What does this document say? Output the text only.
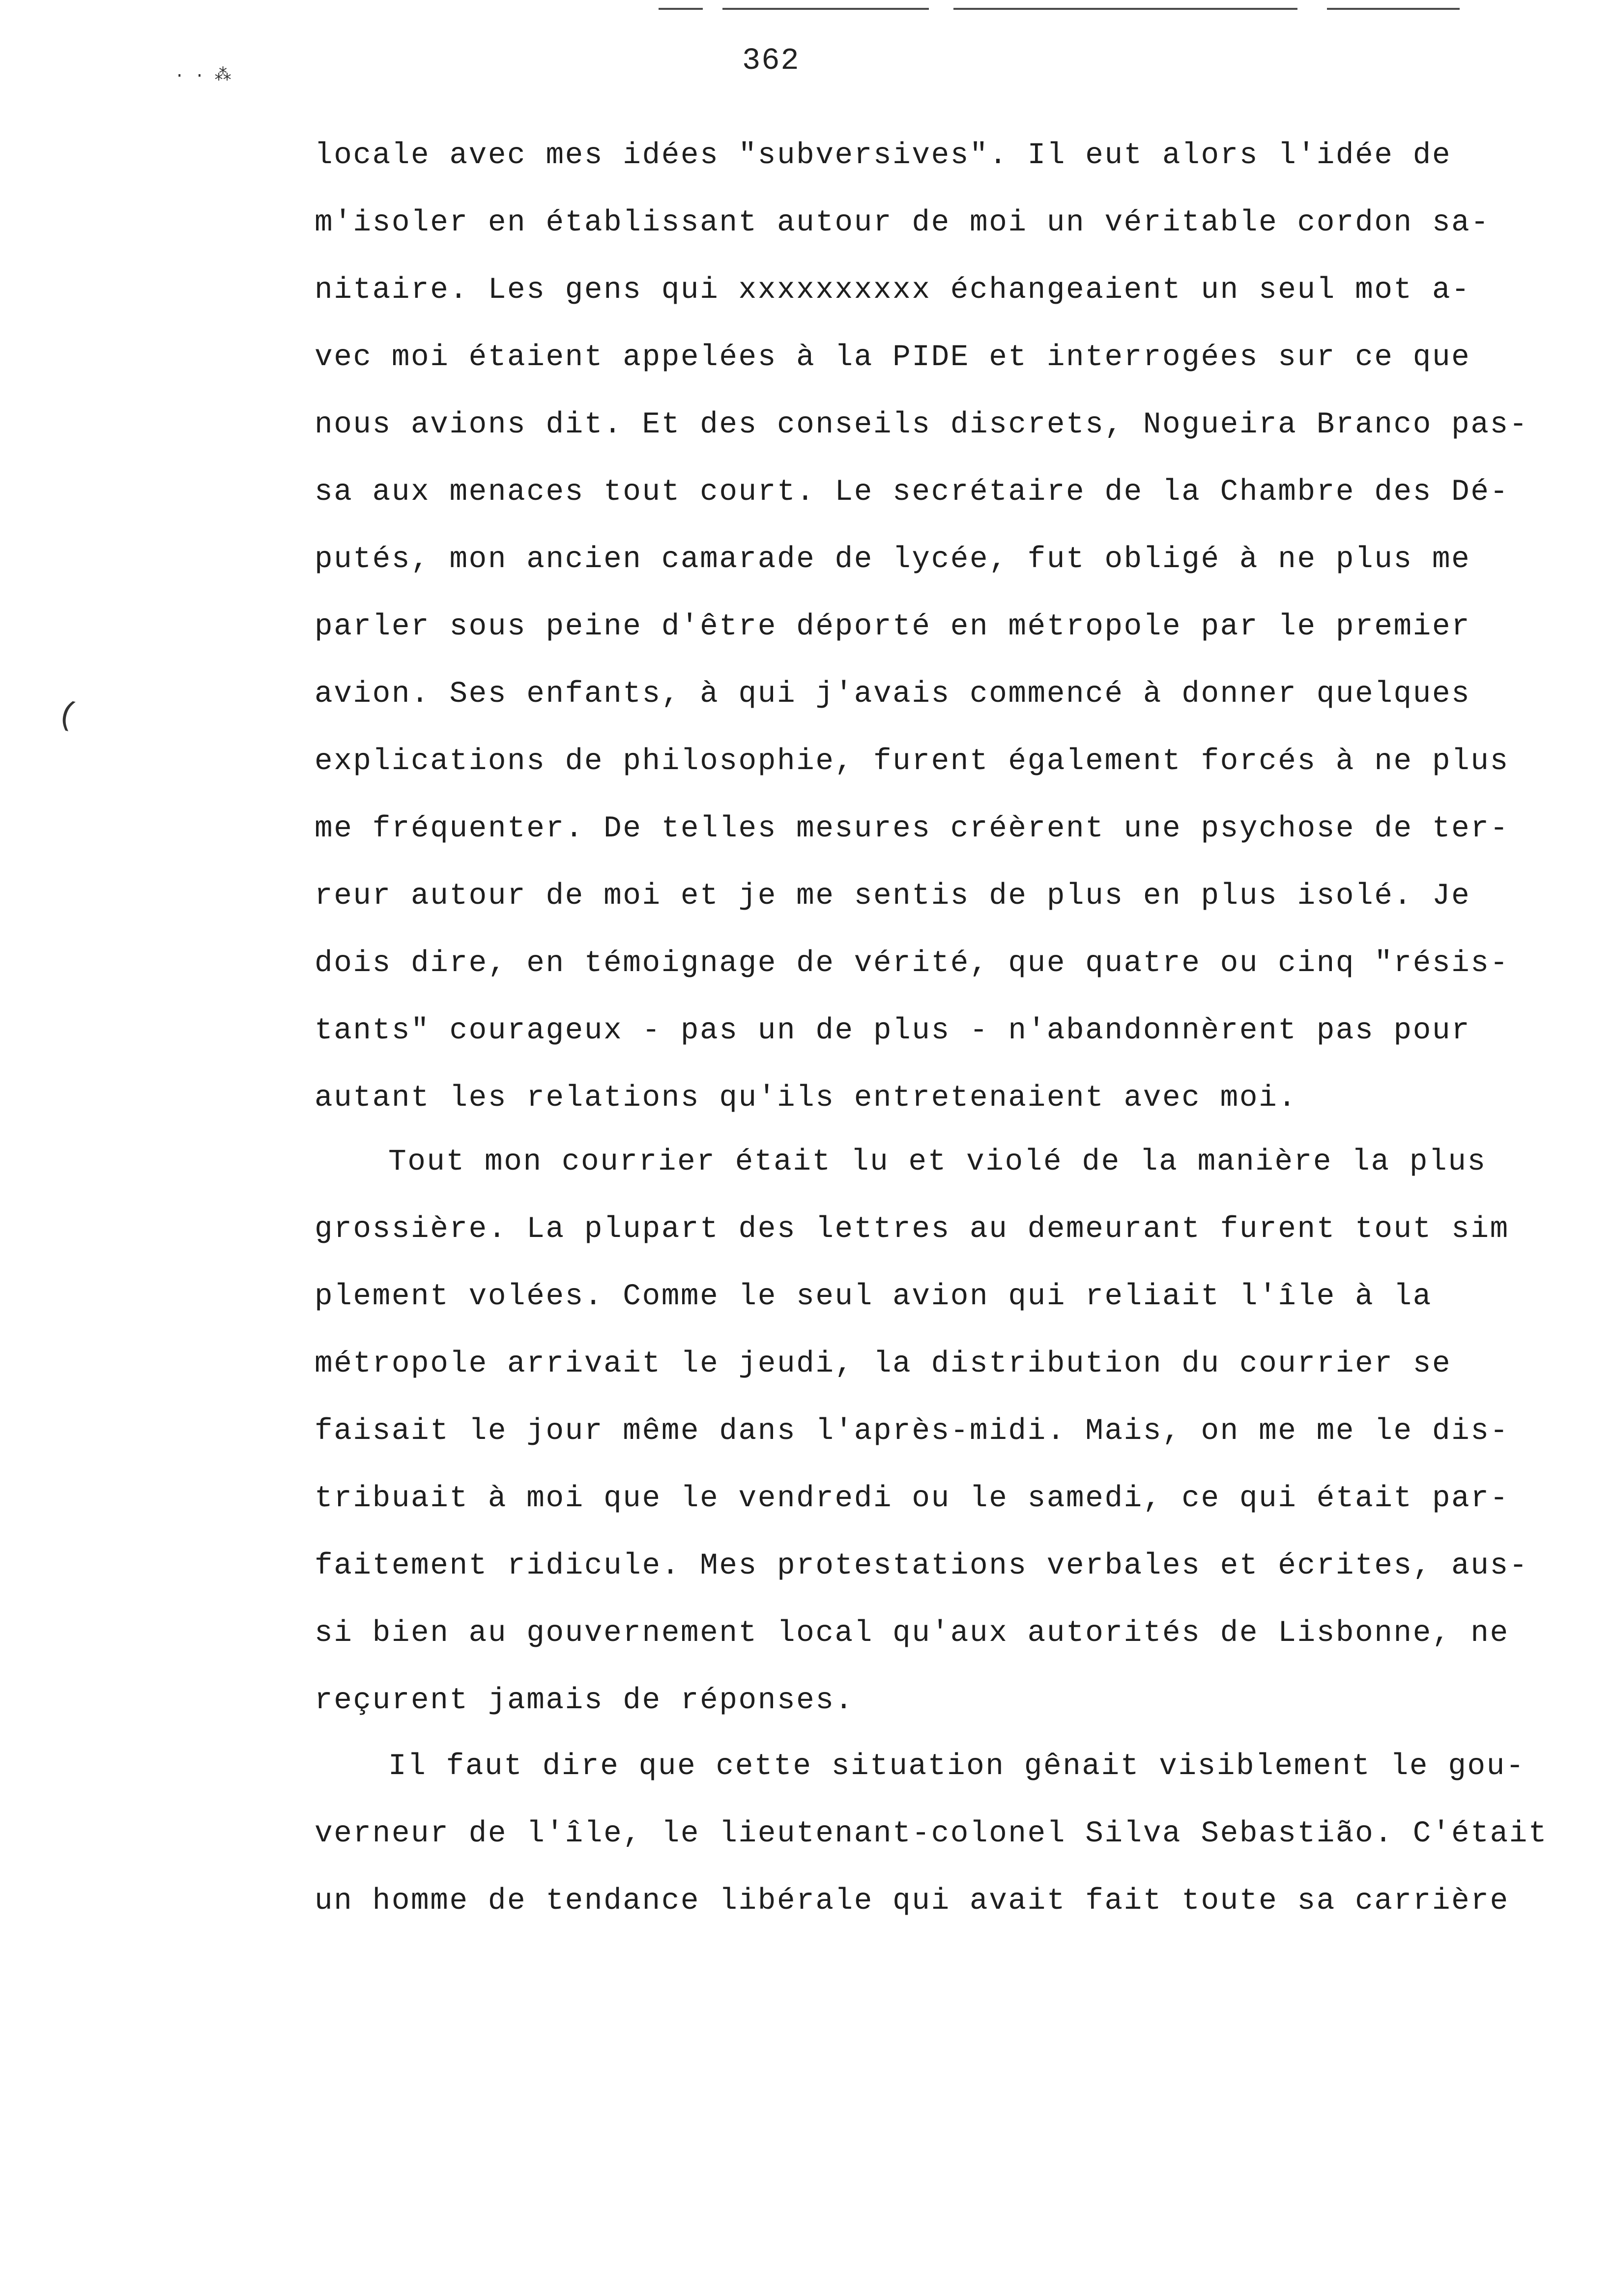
362
· · ⁂
(
locale avec mes idées "subversives". Il eut alors l'idée de
m'isoler en établissant autour de moi un véritable cordon sa-
nitaire. Les gens qui xxxxxxxxxx échangeaient un seul mot a-
vec moi étaient appelées à la PIDE et interrogées sur ce que
nous avions dit. Et des conseils discrets, Nogueira Branco pas-
sa aux menaces tout court. Le secrétaire de la Chambre des Dé-
putés, mon ancien camarade de lycée, fut obligé à ne plus me
parler sous peine d'être déporté en métropole par le premier
avion. Ses enfants, à qui j'avais commencé à donner quelques
explications de philosophie, furent également forcés à ne plus
me fréquenter. De telles mesures créèrent une psychose de ter-
reur autour de moi et je me sentis de plus en plus isolé. Je
dois dire, en témoignage de vérité, que quatre ou cinq "résis-
tants" courageux - pas un de plus - n'abandonnèrent pas pour
autant les relations qu'ils entretenaient avec moi.
Tout mon courrier était lu et violé de la manière la plus
grossière. La plupart des lettres au demeurant furent tout sim
plement volées. Comme le seul avion qui reliait l'île à la
métropole arrivait le jeudi, la distribution du courrier se
faisait le jour même dans l'après-midi. Mais, on me me le dis-
tribuait à moi que le vendredi ou le samedi, ce qui était par-
faitement ridicule. Mes protestations verbales et écrites, aus-
si bien au gouvernement local qu'aux autorités de Lisbonne, ne
reçurent jamais de réponses.
Il faut dire que cette situation gênait visiblement le gou-
verneur de l'île, le lieutenant-colonel Silva Sebastião. C'était
un homme de tendance libérale qui avait fait toute sa carrière
